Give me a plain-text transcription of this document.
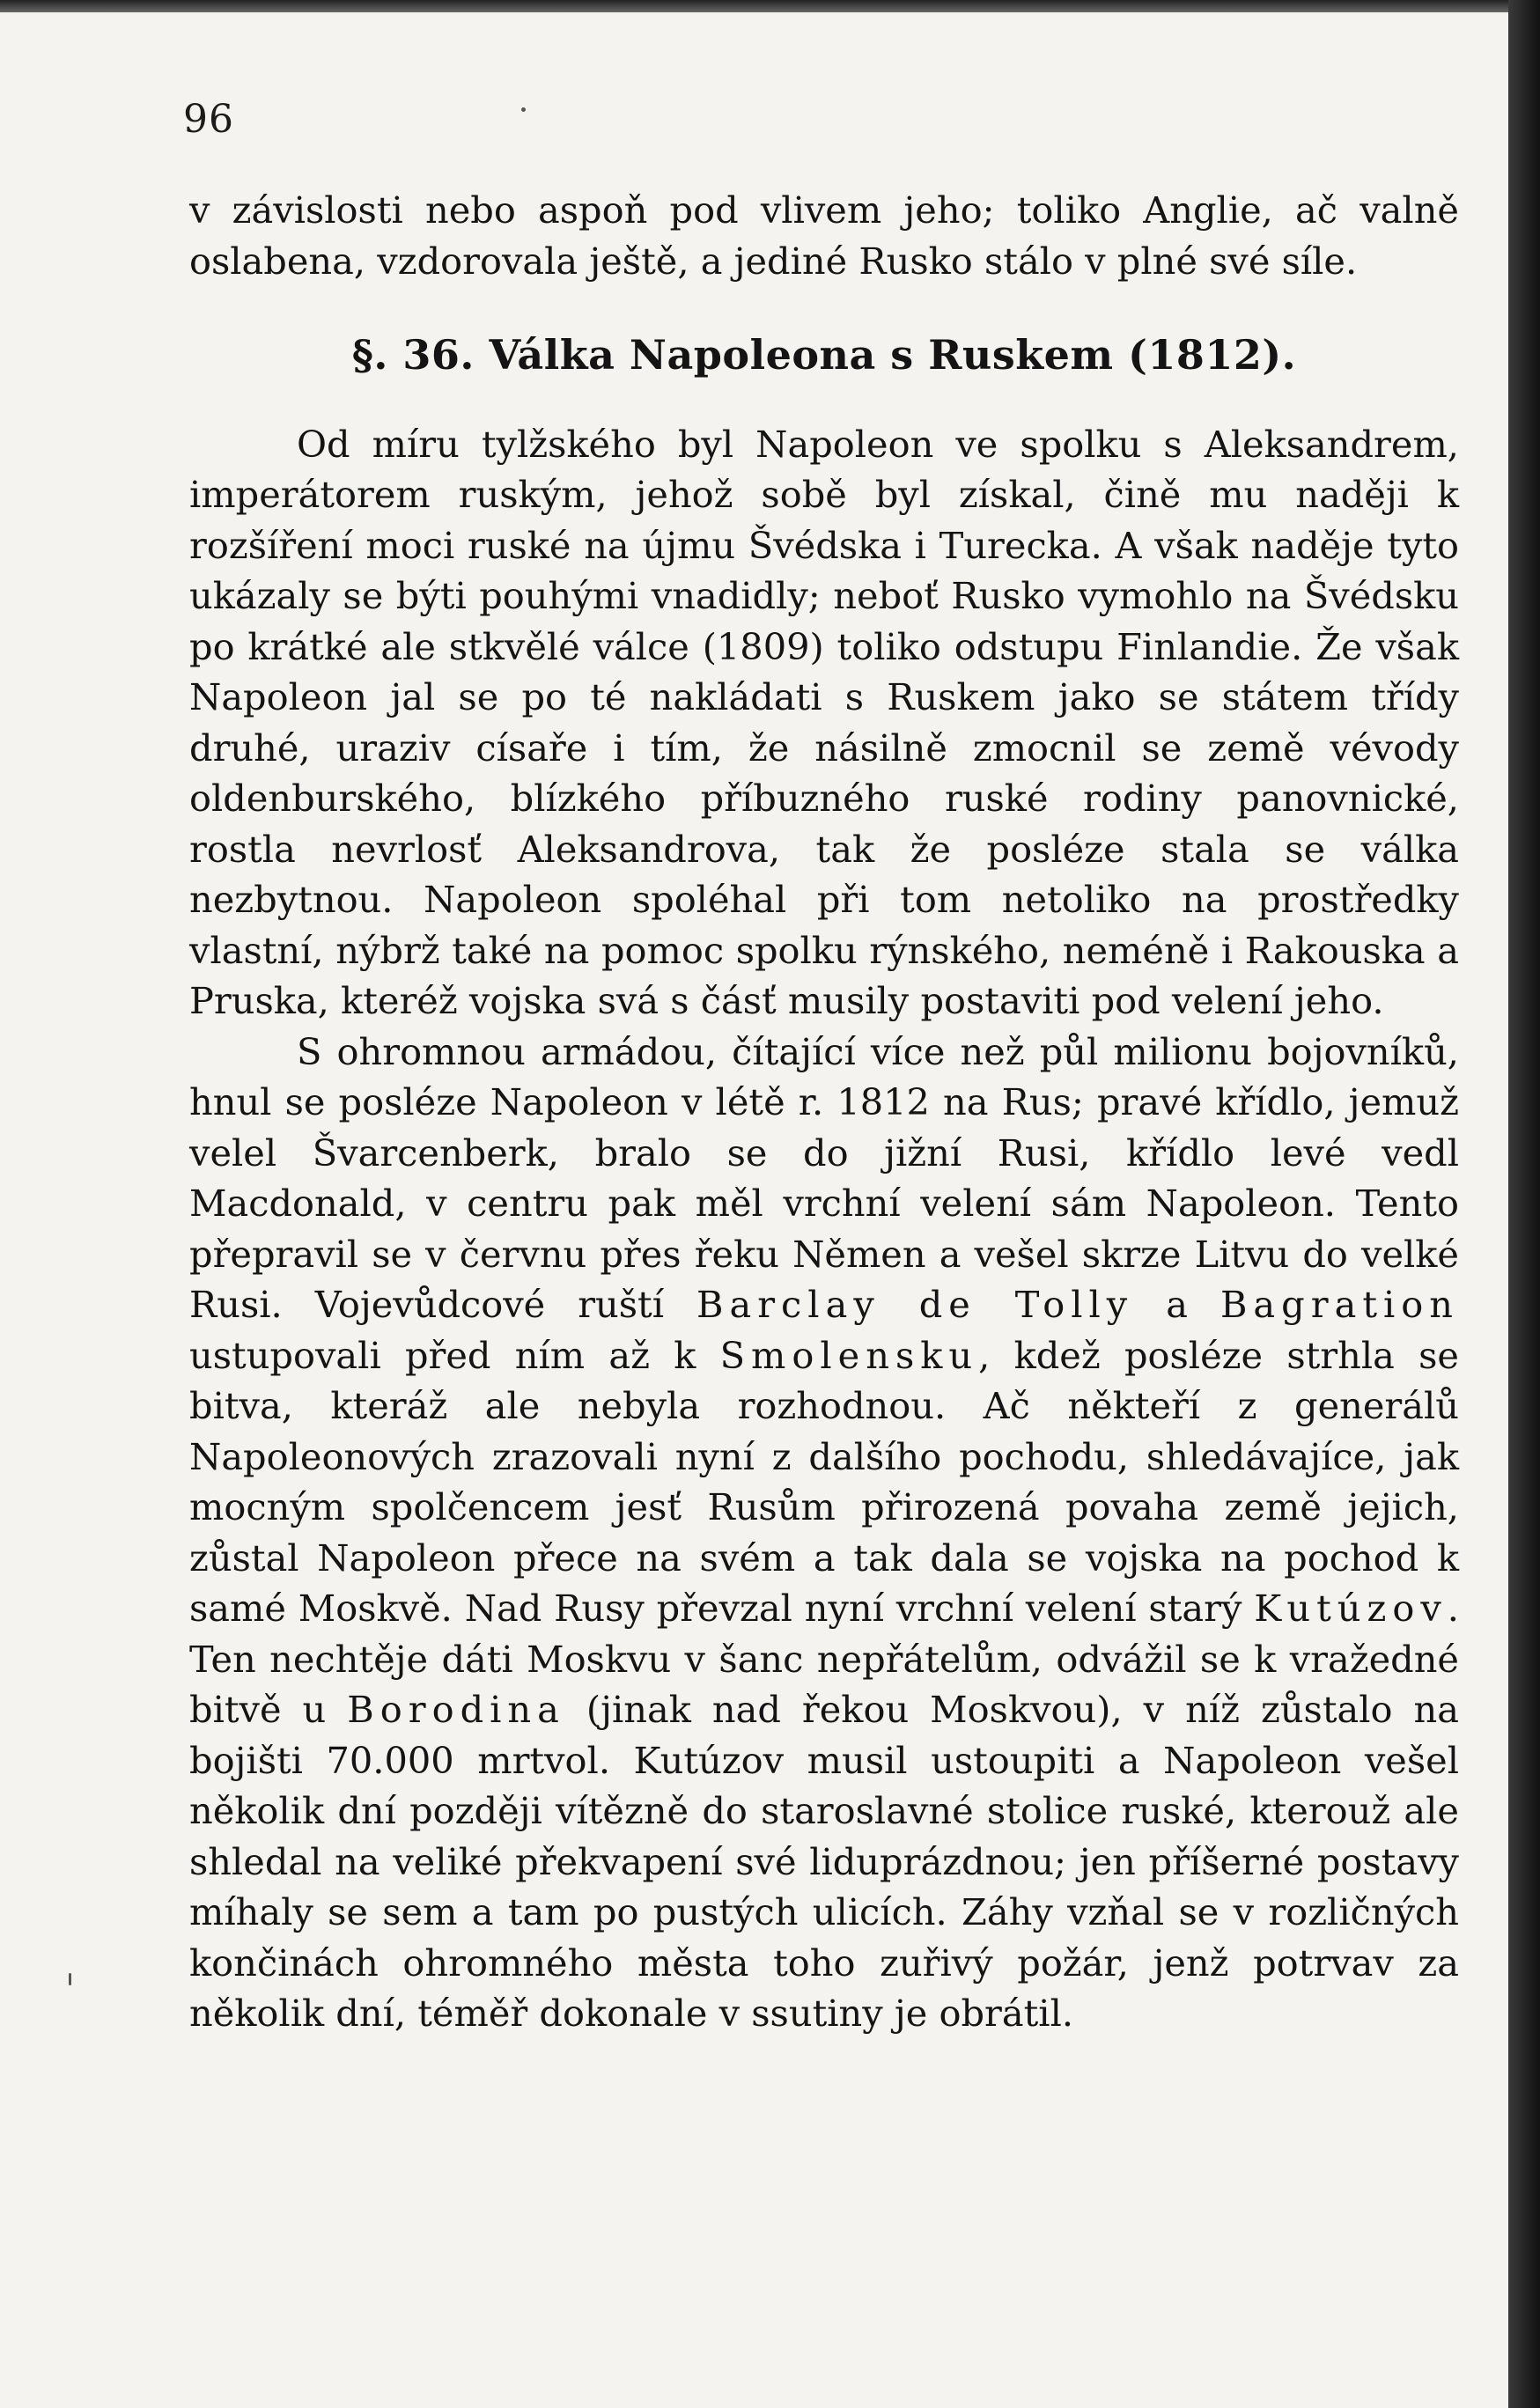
96

v závislosti nebo aspoň pod vlivem jeho; toliko Anglie, ač valně oslabena, vzdorovala ještě, a jediné Rusko stálo v plné své síle.

§. 36. Válka Napoleona s Ruskem (1812).

Od míru tylžského byl Napoleon ve spolku s Aleksandrem, imperátorem ruským, jehož sobě byl získal, čině mu naději k rozšíření moci ruské na újmu Švédska i Turecka. A však naděje tyto ukázaly se býti pouhými vnadidly; neboť Rusko vymohlo na Švédsku po krátké ale stkvělé válce (1809) toliko odstupu Finlandie. Že však Napoleon jal se po té nakládati s Ruskem jako se státem třídy druhé, uraziv císaře i tím, že násilně zmocnil se země vévody oldenburského, blízkého příbuzného ruské rodiny panovnické, rostla nevrlosť Aleksandrova, tak že posléze stala se válka nezbytnou. Napoleon spoléhal při tom netoliko na prostředky vlastní, nýbrž také na pomoc spolku rýnského, neméně i Rakouska a Pruska, kteréž vojska svá s čásť musily postaviti pod velení jeho.

S ohromnou armádou, čítající více než půl milionu bojovníků, hnul se posléze Napoleon v létě r. 1812 na Rus; pravé křídlo, jemuž velel Švarcenberk, bralo se do jižní Rusi, křídlo levé vedl Macdonald, v centru pak měl vrchní velení sám Napoleon. Tento přepravil se v červnu přes řeku Němen a vešel skrze Litvu do velké Rusi. Vojevůdcové ruští Barclay de Tolly a Bagration ustupovali před ním až k Smolensku, kdež posléze strhla se bitva, kteráž ale nebyla rozhodnou. Ač někteří z generálů Napoleonových zrazovali nyní z dalšího pochodu, shledávajíce, jak mocným spolčencem jesť Rusům přirozená povaha země jejich, zůstal Napoleon přece na svém a tak dala se vojska na pochod k samé Moskvě. Nad Rusy převzal nyní vrchní velení starý Kutúzov. Ten nechtěje dáti Moskvu v šanc nepřátelům, odvážil se k vražedné bitvě u Borodina (jinak nad řekou Moskvou), v níž zůstalo na bojišti 70.000 mrtvol. Kutúzov musil ustoupiti a Napoleon vešel několik dní později vítězně do staroslavné stolice ruské, kterouž ale shledal na veliké překvapení své liduprázdnou; jen příšerné postavy míhaly se sem a tam po pustých ulicích. Záhy vzňal se v rozličných končinách ohromného města toho zuřivý požár, jenž potrvav za několik dní, téměř dokonale v ssutiny je obrátil.
